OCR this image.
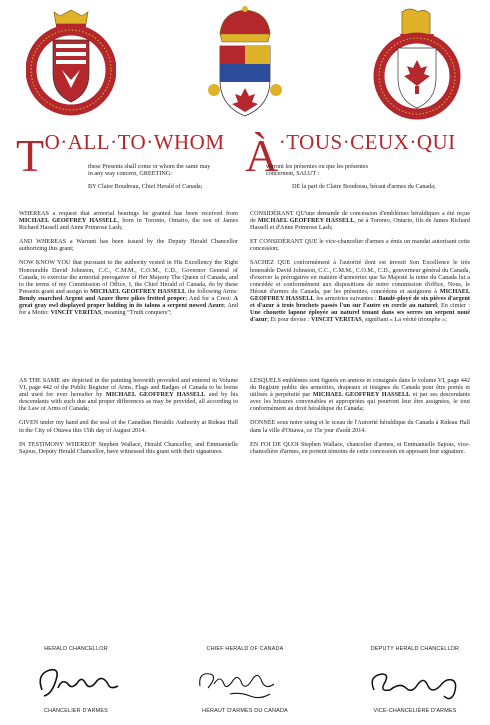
TO·ALL·TO·WHOM À·TOUS·CEUX·QUI
these Presents shall come or whom the same may
in any way concern, GREETING:
BY Claire Boudreau, Chief Herald of Canada;
verront les présentes ou que les présentes
concernent, SALUT :
DE la part de Claire Boudreau, héraut d'armes du Canada;

WHEREAS a request that armorial bearings be granted has been received from MICHAEL GEOFFREY HASSELL, born in Toronto, Ontario, the son of James Richard Hassell and Anne Primrose Lash;

AND WHEREAS a Warrant has been issued by the Deputy Herald Chancellor authorizing this grant;

NOW KNOW YOU that pursuant to the authority vested in His Excellency the Right Honourable David Johnston, C.C., C.M.M., C.O.M., C.D., Governor General of Canada, to exercise the armorial prerogative of Her Majesty The Queen of Canada, and to the terms of my Commission of Office, I, the Chief Herald of Canada, do by these Presents grant and assign to MICHAEL GEOFFREY HASSELL the following Arms: Bendy enarched Argent and Azure three pikes fretted proper; And for a Crest: A great gray owl displayed proper holding in its talons a serpent nowed Azure; And for a Motto: VINCIT VERITAS, meaning “Truth conquers”;

AS THE SAME are depicted in the painting herewith provided and entered in Volume VI, page 442 of the Public Register of Arms, Flags and Badges of Canada to be borne and used for ever hereafter by MICHAEL GEOFFREY HASSELL and by his descendants with such due and proper differences as may be provided, all according to the Law of Arms of Canada;

GIVEN under my hand and the seal of the Canadian Heraldic Authority at Rideau Hall in the City of Ottawa this 15th day of August 2014.

IN TESTIMONY WHEREOF Stephen Wallace, Herald Chancellor, and Emmanuelle Sajous, Deputy Herald Chancellor, have witnessed this grant with their signatures.

CONSIDÉRANT QU'une demande de concession d'emblèmes héraldiques a été reçue de MICHAEL GEOFFREY HASSELL, né à Toronto, Ontario, fils de James Richard Hassell et d'Anne Primrose Lash;

ET CONSIDÉRANT QUE le vice-chancelier d'armes a émis un mandat autorisant cette concession;

SACHEZ QUE conformément à l'autorité dont est investi Son Excellence le très honorable David Johnston, C.C., C.M.M., C.O.M., C.D., gouverneur général du Canada, d'exercer la prérogative en matière d'armoiries que Sa Majesté la reine du Canada lui a concédée et conformément aux dispositions de notre commission d'office, Nous, le Héraut d'armes du Canada, par les présentes, concédons et assignons à MICHAEL GEOFFREY HASSELL les armoiries suivantes : Bandé-ployé de six pièces d'argent et d'azur à trois brochets passés l'un sur l'autre en cercle au naturel; En cimier : Une chouette lapone éployée au naturel tenant dans ses serres un serpent noué d'azur; Et pour devise : VINCIT VERITAS, signifiant « La vérité triomphe »;

LESQUELS emblèmes sont figurés en annexe et consignés dans le volume VI, page 442 du Registre public des armoiries, drapeaux et insignes du Canada pour être portés et utilisés à perpétuité par MICHAEL GEOFFREY HASSELL et par ses descendants avec les brisures convenables et appropriées qui pourront leur être assignées, le tout conformément au droit héraldique du Canada;

DONNÉE sous notre seing et le sceau de l'Autorité héraldique du Canada à Rideau Hall dans la ville d'Ottawa, ce 15e jour d'août 2014.

EN FOI DE QUOI Stephen Wallace, chancelier d'armes, et Emmanuelle Sajous, vice-chancelière d'armes, en portent témoins de cette concession en apposant leur signature.

HERALD CHANCELLOR	CHIEF HERALD OF CANADA	DEPUTY HERALD CHANCELLOR
CHANCELIER D'ARMES	HÉRAUT D'ARMES DU CANADA	VICE-CHANCELIÈRE D'ARMES
